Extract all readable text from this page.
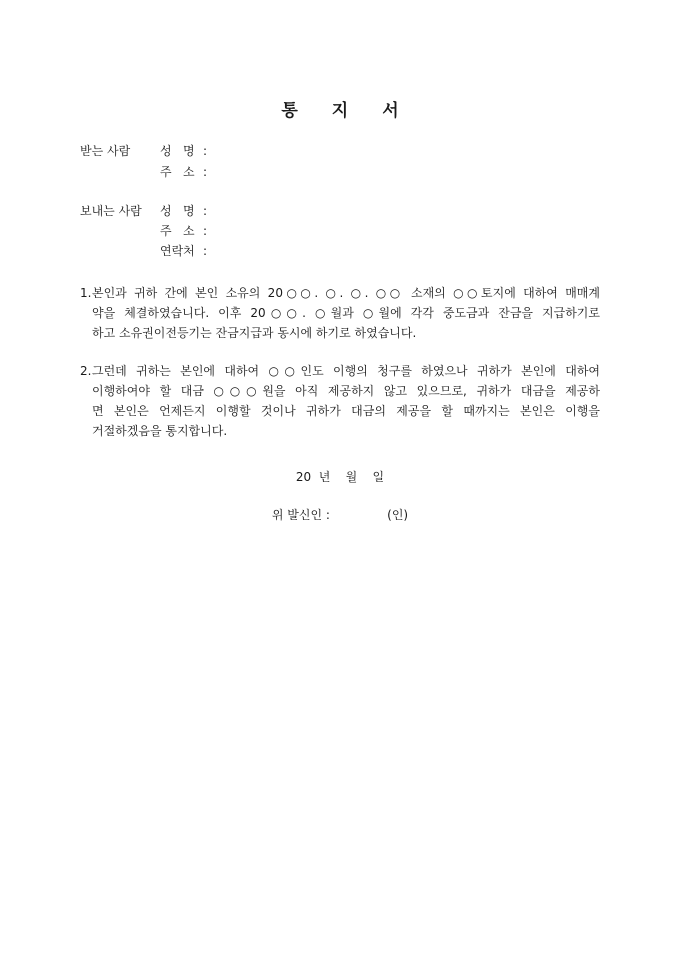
통 지 서
받는 사람 성   명 :
주   소 :
보내는 사람 성   명 :
주   소 :
연락처 :
1. 본인과 귀하 간에 본인 소유의 20○○. ○. ○. ○○ 소재의 ○○토지에 대하여 매매계
약을 체결하였습니다. 이후 20○○. ○월과 ○월에 각각 중도금과 잔금을 지급하기로
하고 소유권이전등기는 잔금지급과 동시에 하기로 하였습니다.
2. 그런데 귀하는 본인에 대하여 ○○인도 이행의 청구를 하였으나 귀하가 본인에 대하여
이행하여야 할 대금 ○○○원을 아직 제공하지 않고 있으므로, 귀하가 대금을 제공하
면 본인은 언제든지 이행할 것이나 귀하가 대금의 제공을 할 때까지는 본인은 이행을
거절하겠음을 통지합니다.
20  년    월    일
위 발신인 :               (인)
